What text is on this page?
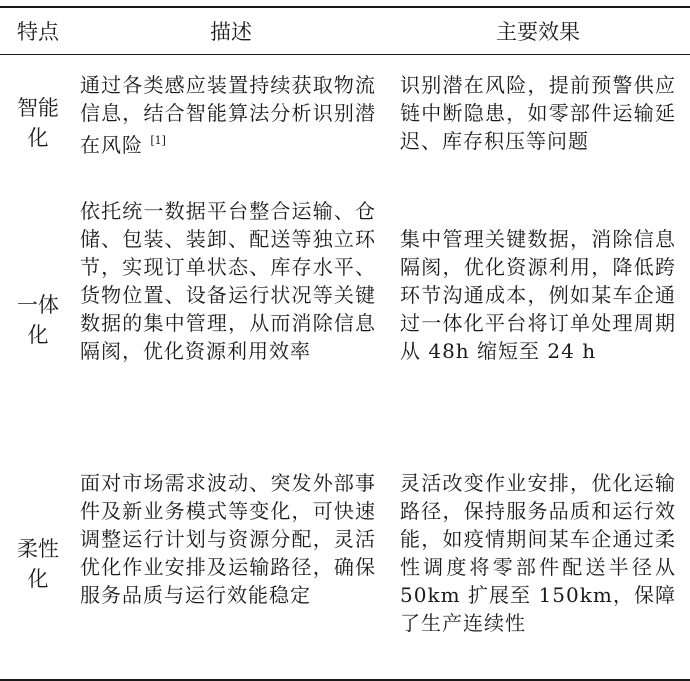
特点	描述	主要效果
智能化	通过各类感应装置持续获取物流信息，结合智能算法分析识别潜在风险 [1]	识别潜在风险，提前预警供应链中断隐患，如零部件运输延迟、库存积压等问题
一体化	依托统一数据平台整合运输、仓储、包装、装卸、配送等独立环节，实现订单状态、库存水平、货物位置、设备运行状况等关键数据的集中管理，从而消除信息隔阂，优化资源利用效率	集中管理关键数据，消除信息隔阂，优化资源利用，降低跨环节沟通成本，例如某车企通过一体化平台将订单处理周期从 48h 缩短至 24 h
柔性化	面对市场需求波动、突发外部事件及新业务模式等变化，可快速调整运行计划与资源分配，灵活优化作业安排及运输路径，确保服务品质与运行效能稳定	灵活改变作业安排，优化运输路径，保持服务品质和运行效能，如疫情期间某车企通过柔性调度将零部件配送半径从 50km 扩展至 150km，保障了生产连续性
